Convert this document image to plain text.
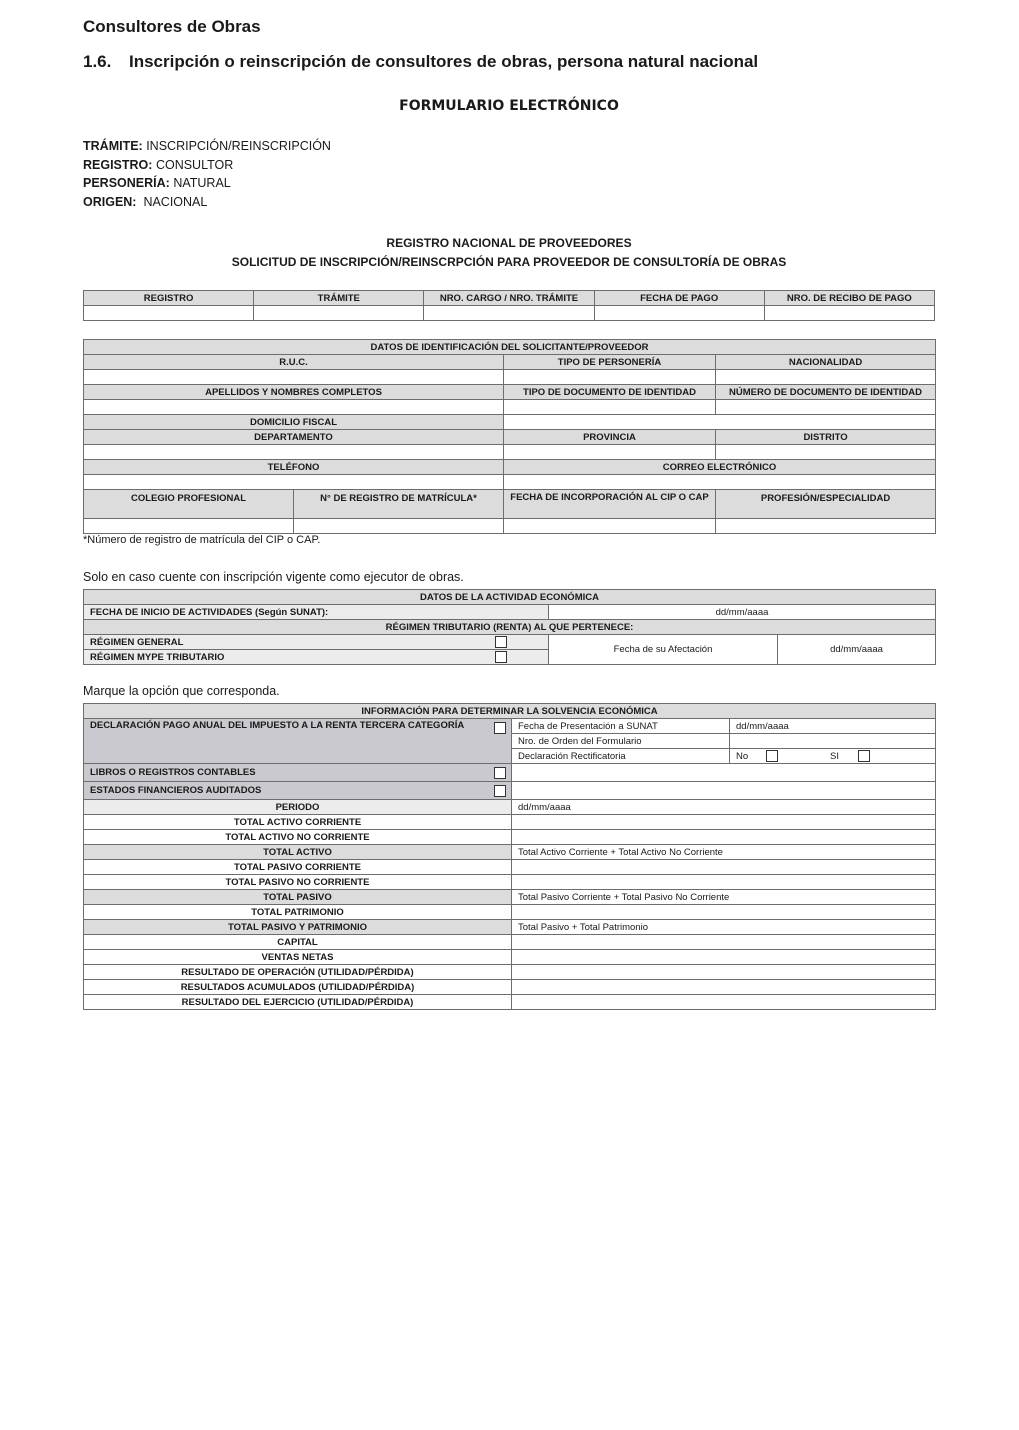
Consultores de Obras
1.6. Inscripción o reinscripción de consultores de obras, persona natural nacional
FORMULARIO ELECTRÓNICO
TRÁMITE: INSCRIPCIÓN/REINSCRIPCIÓN
REGISTRO: CONSULTOR
PERSONERÍA: NATURAL
ORIGEN: NACIONAL
REGISTRO NACIONAL DE PROVEEDORES
SOLICITUD DE INSCRIPCIÓN/REINSCRPCIÓN PARA PROVEEDOR DE CONSULTORÍA DE OBRAS
REGISTRO	TRÁMITE	NRO. CARGO / NRO. TRÁMITE	FECHA DE PAGO	NRO. DE RECIBO DE PAGO

DATOS DE IDENTIFICACIÓN DEL SOLICITANTE/PROVEEDOR			
R.U.C.		TIPO DE PERSONERÍA	NACIONALIDAD

APELLIDOS Y NOMBRES COMPLETOS		TIPO DE DOCUMENTO DE IDENTIDAD	NÚMERO DE DOCUMENTO DE IDENTIDAD

DOMICILIO FISCAL			
DEPARTAMENTO		PROVINCIA	DISTRITO

TELÉFONO		CORREO ELECTRÓNICO	

COLEGIO PROFESIONAL	N° DE REGISTRO DE MATRÍCULA*	FECHA DE INCORPORACIÓN AL CIP O CAP	PROFESIÓN/ESPECIALIDAD

*Número de registro de matrícula del CIP o CAP.
Solo en caso cuente con inscripción vigente como ejecutor de obras.
DATOS DE LA ACTIVIDAD ECONÓMICA		
FECHA DE INICIO DE ACTIVIDADES (Según SUNAT):	dd/mm/aaaa	
RÉGIMEN TRIBUTARIO (RENTA) AL QUE PERTENECE:		
RÉGIMEN GENERAL	Fecha de su Afectación	dd/mm/aaaa
RÉGIMEN MYPE TRIBUTARIO		
Marque la opción que corresponda.
INFORMACIÓN PARA DETERMINAR LA SOLVENCIA ECONÓMICA		
DECLARACIÓN PAGO ANUAL DEL IMPUESTO A LA RENTA TERCERA CATEGORÍA	Fecha de Presentación a SUNAT	dd/mm/aaaa
	Nro. de Orden del Formulario	
	Declaración Rectificatoria	No SI

LIBROS O REGISTROS CONTABLES	

ESTADOS FINANCIEROS AUDITADOS	

PERIODO	dd/mm/aaaa	
TOTAL ACTIVO CORRIENTE		
TOTAL ACTIVO NO CORRIENTE		
TOTAL ACTIVO	Total Activo Corriente + Total Activo No Corriente	
TOTAL PASIVO CORRIENTE		
TOTAL PASIVO NO CORRIENTE		
TOTAL PASIVO	Total Pasivo Corriente + Total Pasivo No Corriente	
TOTAL PATRIMONIO		
TOTAL PASIVO Y PATRIMONIO	Total Pasivo + Total Patrimonio	
CAPITAL		
VENTAS NETAS		
RESULTADO DE OPERACIÓN (UTILIDAD/PÉRDIDA)		
RESULTADOS ACUMULADOS (UTILIDAD/PÉRDIDA)		
RESULTADO DEL EJERCICIO (UTILIDAD/PÉRDIDA)		
